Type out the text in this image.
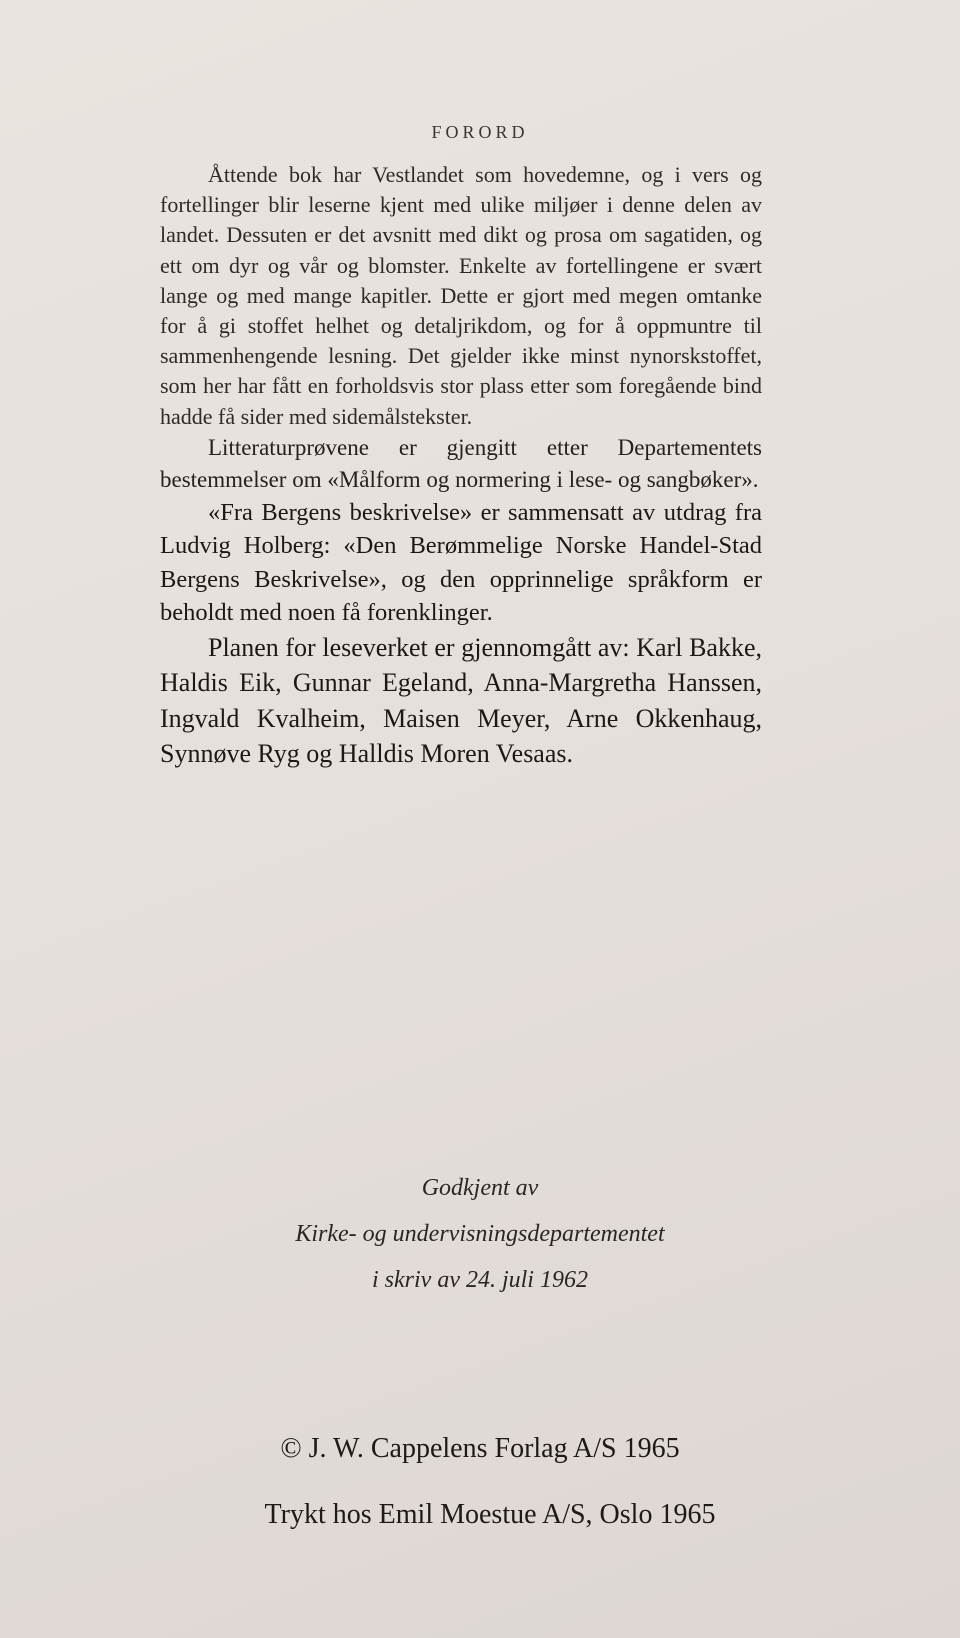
FORORD

Åttende bok har Vestlandet som hovedemne, og i vers og fortellinger blir leserne kjent med ulike miljøer i denne delen av landet. Dessuten er det avsnitt med dikt og prosa om sagatiden, og ett om dyr og vår og blomster. Enkelte av fortellingene er svært lange og med mange kapitler. Dette er gjort med megen omtanke for å gi stoffet helhet og detaljrikdom, og for å oppmuntre til sammenhengende lesning. Det gjelder ikke minst nynorskstoffet, som her har fått en forholdsvis stor plass etter som foregående bind hadde få sider med sidemålstekster.

Litteraturprøvene er gjengitt etter Departementets bestemmelser om «Målform og normering i lese- og sangbøker».

«Fra Bergens beskrivelse» er sammensatt av utdrag fra Ludvig Holberg: «Den Berømmelige Norske Handel-Stad Bergens Beskrivelse», og den opprinnelige språkform er beholdt med noen få forenklinger.

Planen for leseverket er gjennomgått av: Karl Bakke, Haldis Eik, Gunnar Egeland, Anna-Margretha Hanssen, Ingvald Kvalheim, Maisen Meyer, Arne Okkenhaug, Synnøve Ryg og Halldis Moren Vesaas.

Godkjent av
Kirke- og undervisningsdepartementet
i skriv av 24. juli 1962
© J. W. Cappelens Forlag A/S 1965
Trykt hos Emil Moestue A/S, Oslo 1965
